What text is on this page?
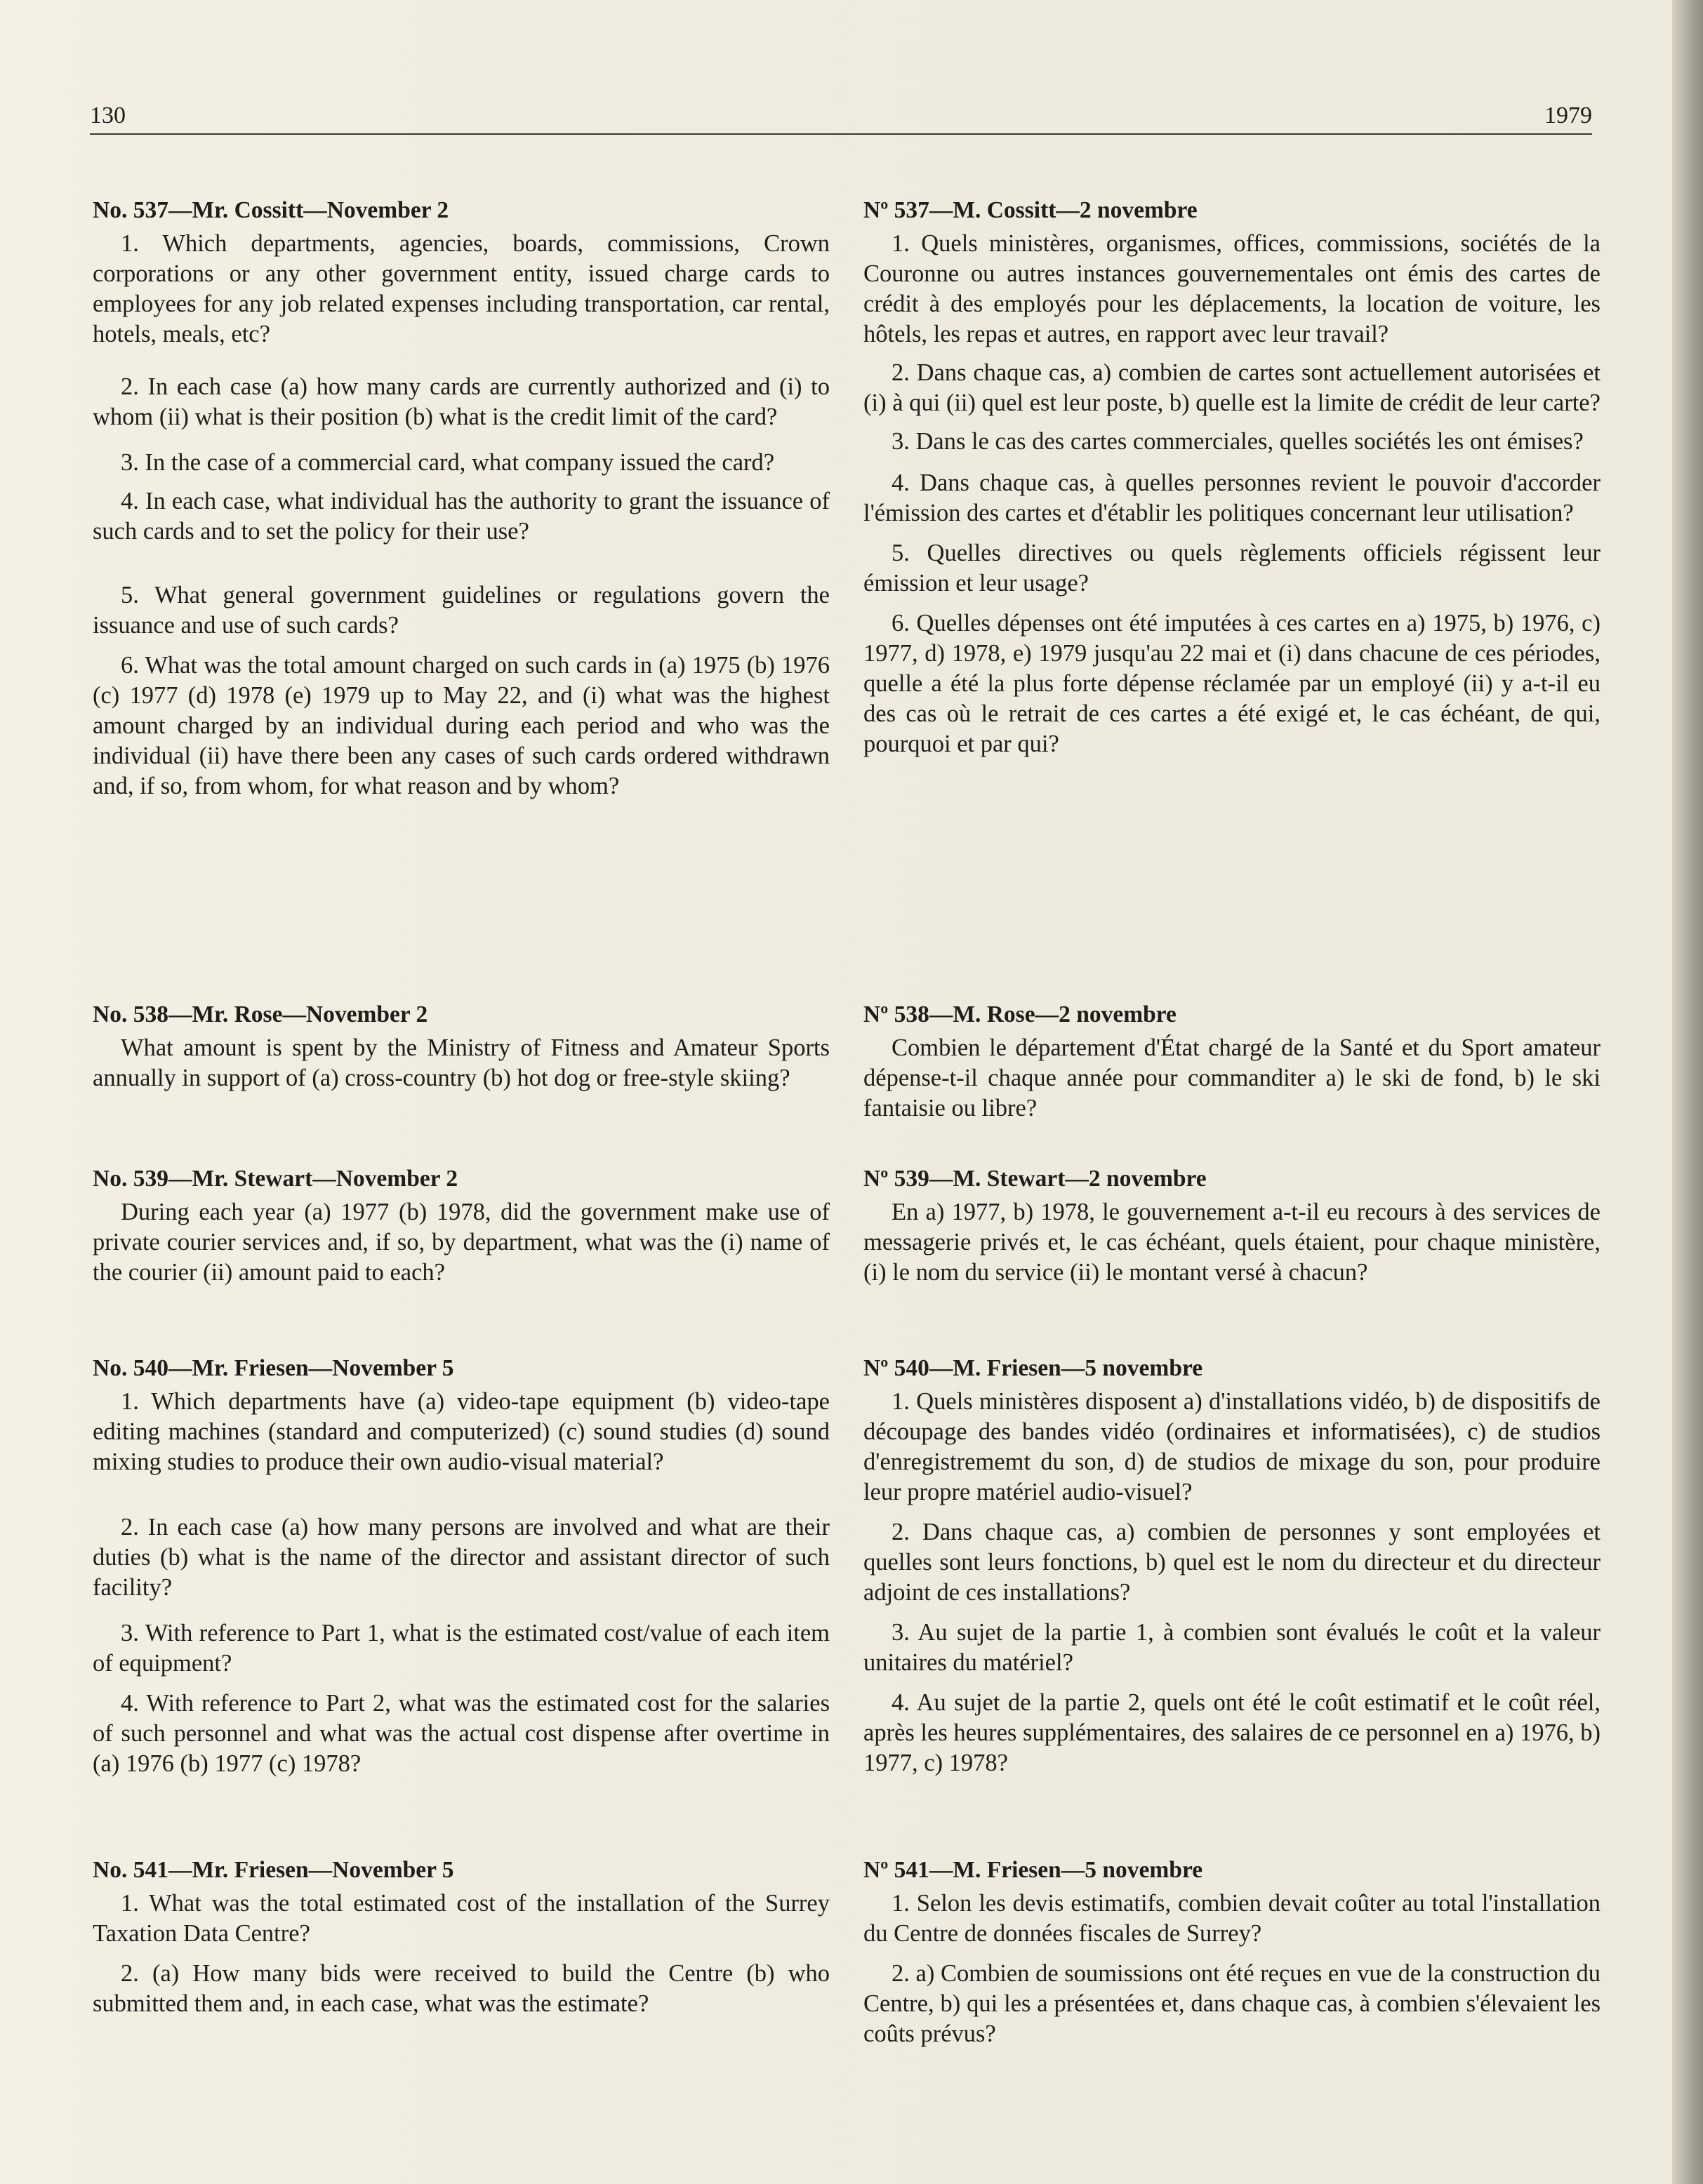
130	1979

No. 537—Mr. Cossitt—November 2

1. Which departments, agencies, boards, commissions, Crown corporations or any other government entity, issued charge cards to employees for any job related expenses including transportation, car rental, hotels, meals, etc?

2. In each case (a) how many cards are currently authorized and (i) to whom (ii) what is their position (b) what is the credit limit of the card?

3. In the case of a commercial card, what company issued the card?

4. In each case, what individual has the authority to grant the issuance of such cards and to set the policy for their use?

5. What general government guidelines or regulations govern the issuance and use of such cards?

6. What was the total amount charged on such cards in (a) 1975 (b) 1976 (c) 1977 (d) 1978 (e) 1979 up to May 22, and (i) what was the highest amount charged by an individual during each period and who was the individual (ii) have there been any cases of such cards ordered withdrawn and, if so, from whom, for what reason and by whom?

No. 538—Mr. Rose—November 2

What amount is spent by the Ministry of Fitness and Amateur Sports annually in support of (a) cross-country (b) hot dog or free-style skiing?

No. 539—Mr. Stewart—November 2

During each year (a) 1977 (b) 1978, did the government make use of private courier services and, if so, by department, what was the (i) name of the courier (ii) amount paid to each?

No. 540—Mr. Friesen—November 5

1. Which departments have (a) video-tape equipment (b) video-tape editing machines (standard and computerized) (c) sound studies (d) sound mixing studies to produce their own audio-visual material?

2. In each case (a) how many persons are involved and what are their duties (b) what is the name of the director and assistant director of such facility?

3. With reference to Part 1, what is the estimated cost/value of each item of equipment?

4. With reference to Part 2, what was the estimated cost for the salaries of such personnel and what was the actual cost dispense after overtime in (a) 1976 (b) 1977 (c) 1978?

No. 541—Mr. Friesen—November 5

1. What was the total estimated cost of the installation of the Surrey Taxation Data Centre?

2. (a) How many bids were received to build the Centre (b) who submitted them and, in each case, what was the estimate?

Nº 537—M. Cossitt—2 novembre

1. Quels ministères, organismes, offices, commissions, sociétés de la Couronne ou autres instances gouvernementales ont émis des cartes de crédit à des employés pour les déplacements, la location de voiture, les hôtels, les repas et autres, en rapport avec leur travail?

2. Dans chaque cas, a) combien de cartes sont actuellement autorisées et (i) à qui (ii) quel est leur poste, b) quelle est la limite de crédit de leur carte?

3. Dans le cas des cartes commerciales, quelles sociétés les ont émises?

4. Dans chaque cas, à quelles personnes revient le pouvoir d'accorder l'émission des cartes et d'établir les politiques concernant leur utilisation?

5. Quelles directives ou quels règlements officiels régissent leur émission et leur usage?

6. Quelles dépenses ont été imputées à ces cartes en a) 1975, b) 1976, c) 1977, d) 1978, e) 1979 jusqu'au 22 mai et (i) dans chacune de ces périodes, quelle a été la plus forte dépense réclamée par un employé (ii) y a-t-il eu des cas où le retrait de ces cartes a été exigé et, le cas échéant, de qui, pourquoi et par qui?

Nº 538—M. Rose—2 novembre

Combien le département d'État chargé de la Santé et du Sport amateur dépense-t-il chaque année pour commanditer a) le ski de fond, b) le ski fantaisie ou libre?

Nº 539—M. Stewart—2 novembre

En a) 1977, b) 1978, le gouvernement a-t-il eu recours à des services de messagerie privés et, le cas échéant, quels étaient, pour chaque ministère, (i) le nom du service (ii) le montant versé à chacun?

Nº 540—M. Friesen—5 novembre

1. Quels ministères disposent a) d'installations vidéo, b) de dispositifs de découpage des bandes vidéo (ordinaires et informatisées), c) de studios d'enregistrememt du son, d) de studios de mixage du son, pour produire leur propre matériel audio-visuel?

2. Dans chaque cas, a) combien de personnes y sont employées et quelles sont leurs fonctions, b) quel est le nom du directeur et du directeur adjoint de ces installations?

3. Au sujet de la partie 1, à combien sont évalués le coût et la valeur unitaires du matériel?

4. Au sujet de la partie 2, quels ont été le coût estimatif et le coût réel, après les heures supplémentaires, des salaires de ce personnel en a) 1976, b) 1977, c) 1978?

Nº 541—M. Friesen—5 novembre

1. Selon les devis estimatifs, combien devait coûter au total l'installation du Centre de données fiscales de Surrey?

2. a) Combien de soumissions ont été reçues en vue de la construction du Centre, b) qui les a présentées et, dans chaque cas, à combien s'élevaient les coûts prévus?
